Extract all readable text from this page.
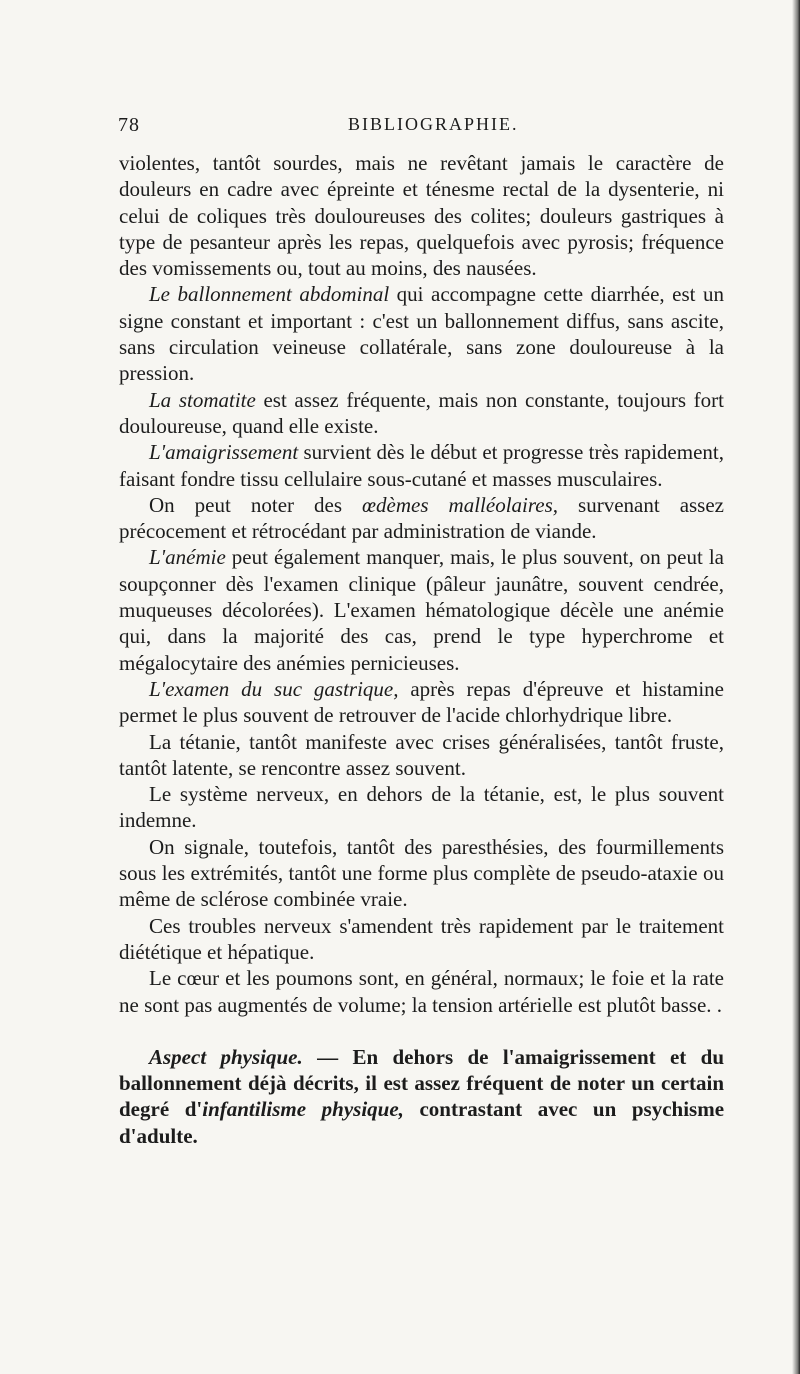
78	BIBLIOGRAPHIE.

violentes, tantôt sourdes, mais ne revêtant jamais le caractère de douleurs en cadre avec épreinte et ténesme rectal de la dysenterie, ni celui de coliques très douloureuses des colites; douleurs gastriques à type de pesanteur après les repas, quelquefois avec pyrosis; fréquence des vomissements ou, tout au moins, des nausées.

Le ballonnement abdominal qui accompagne cette diarrhée, est un signe constant et important : c'est un ballonnement diffus, sans ascite, sans circulation veineuse collatérale, sans zone douloureuse à la pression.

La stomatite est assez fréquente, mais non constante, toujours fort douloureuse, quand elle existe.

L'amaigrissement survient dès le début et progresse très rapidement, faisant fondre tissu cellulaire sous-cutané et masses musculaires.

On peut noter des œdèmes malléolaires, survenant assez précocement et rétrocédant par administration de viande.

L'anémie peut également manquer, mais, le plus souvent, on peut la soupçonner dès l'examen clinique (pâleur jaunâtre, souvent cendrée, muqueuses décolorées). L'examen hématologique décèle une anémie qui, dans la majorité des cas, prend le type hyperchrome et mégalocytaire des anémies pernicieuses.

L'examen du suc gastrique, après repas d'épreuve et histamine permet le plus souvent de retrouver de l'acide chlorhydrique libre.

La tétanie, tantôt manifeste avec crises généralisées, tantôt fruste, tantôt latente, se rencontre assez souvent.

Le système nerveux, en dehors de la tétanie, est, le plus souvent indemne.

On signale, toutefois, tantôt des paresthésies, des fourmillements sous les extrémités, tantôt une forme plus complète de pseudo-ataxie ou même de sclérose combinée vraie.

Ces troubles nerveux s'amendent très rapidement par le traitement diététique et hépatique.

Le cœur et les poumons sont, en général, normaux; le foie et la rate ne sont pas augmentés de volume; la tension artérielle est plutôt basse. .

Aspect physique. — En dehors de l'amaigrissement et du ballonnement déjà décrits, il est assez fréquent de noter un certain degré d'infantilisme physique, contrastant avec un psychisme d'adulte.
